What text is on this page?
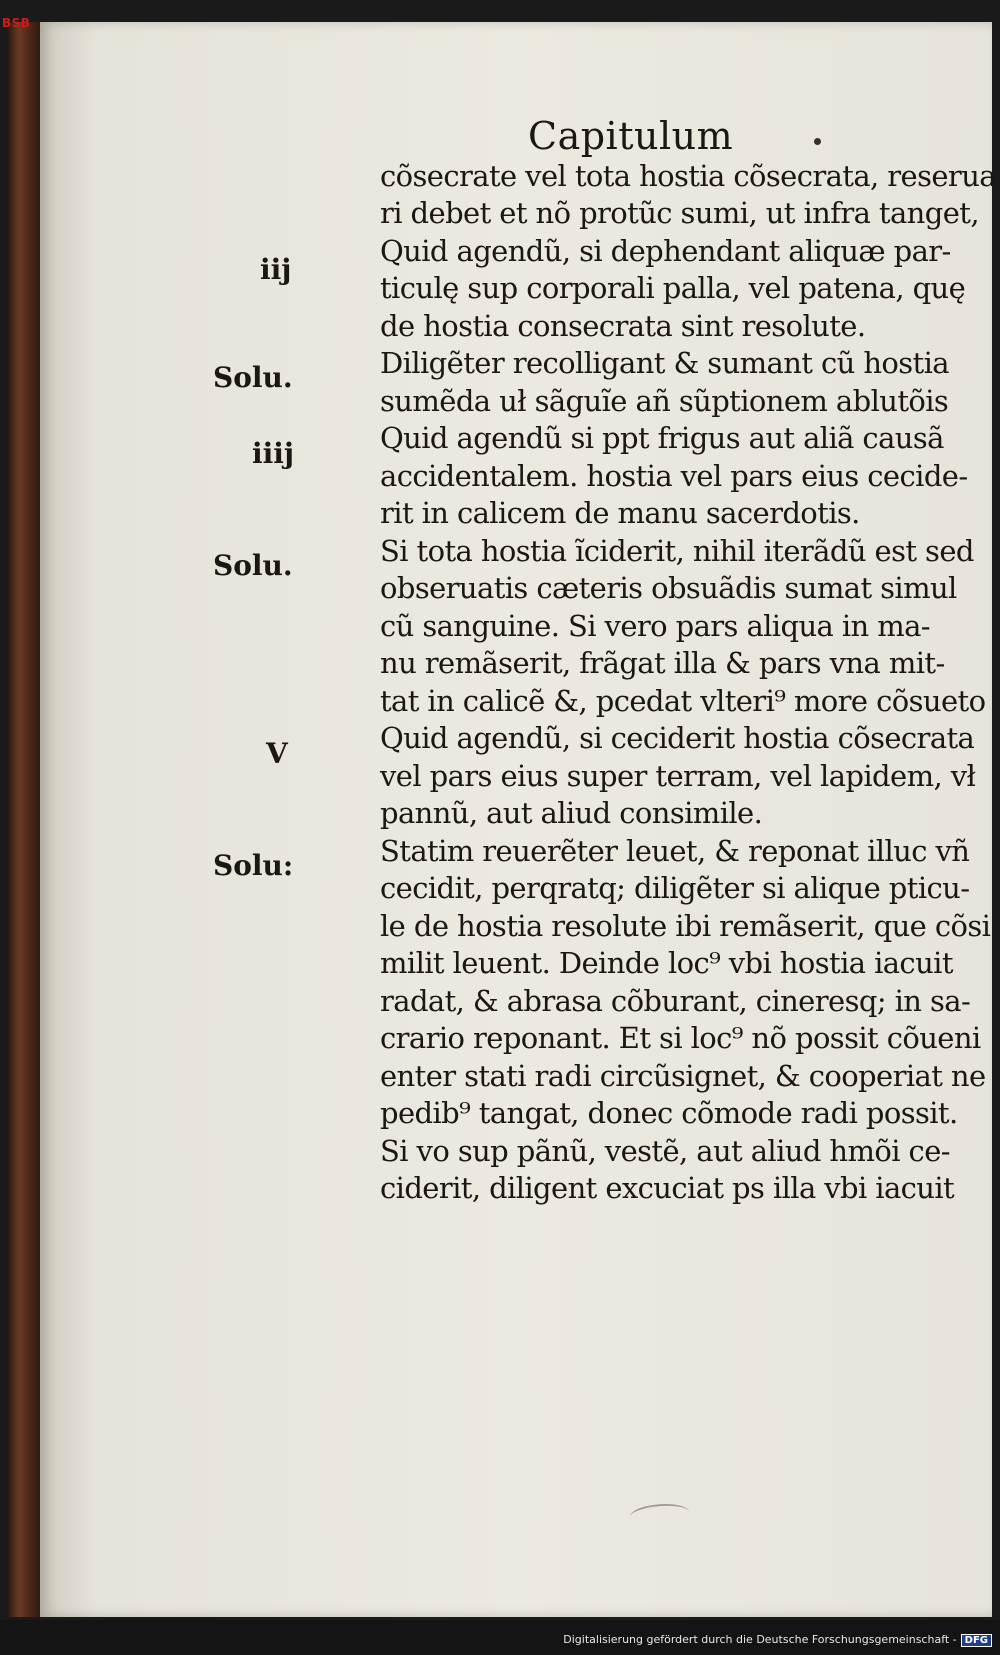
BSB
Capitulum
iij
Solu.
iiij
Solu.
V
Solu:
cõsecrate vel tota hostia cõsecrata, reserua
ri debet et nõ protũc sumi, ut infra tanget,
Quid agendũ, si dephendant aliquæ par-
ticulę sup corporali palla, vel patena, quę
de hostia consecrata sint resolute.
Diligẽter recolligant & sumant cũ hostia
sumẽda uł sãguĩe añ sũptionem ablutõis
Quid agendũ si ppt frigus aut aliã causã
accidentalem. hostia vel pars eius cecide-
rit in calicem de manu sacerdotis.
Si tota hostia ĩciderit, nihil iterãdũ est sed
obseruatis cæteris obsuãdis sumat simul
cũ sanguine. Si vero pars aliqua in ma-
nu remãserit, frãgat illa & pars vna mit-
tat in calicẽ &, pcedat vlteri⁹ more cõsueto
Quid agendũ, si ceciderit hostia cõsecrata
vel pars eius super terram, vel lapidem, vł
pannũ, aut aliud consimile.
Statim reuerẽter leuet, & reponat illuc vñ
cecidit, perqratq; diligẽter si alique pticu-
le de hostia resolute ibi remãserit, que cõsi
milit leuent. Deinde loc⁹ vbi hostia iacuit
radat, & abrasa cõburant, cineresq; in sa-
crario reponant. Et si loc⁹ nõ possit cõueni
enter stati radi circũsignet, & cooperiat ne
pedib⁹ tangat, donec cõmode radi possit.
Si vo sup pãnũ, vestẽ, aut aliud hmõi ce-
ciderit, diligent excuciat ps illa vbi iacuit
Digitalisierung gefördert durch die Deutsche Forschungsgemeinschaft - DFG
